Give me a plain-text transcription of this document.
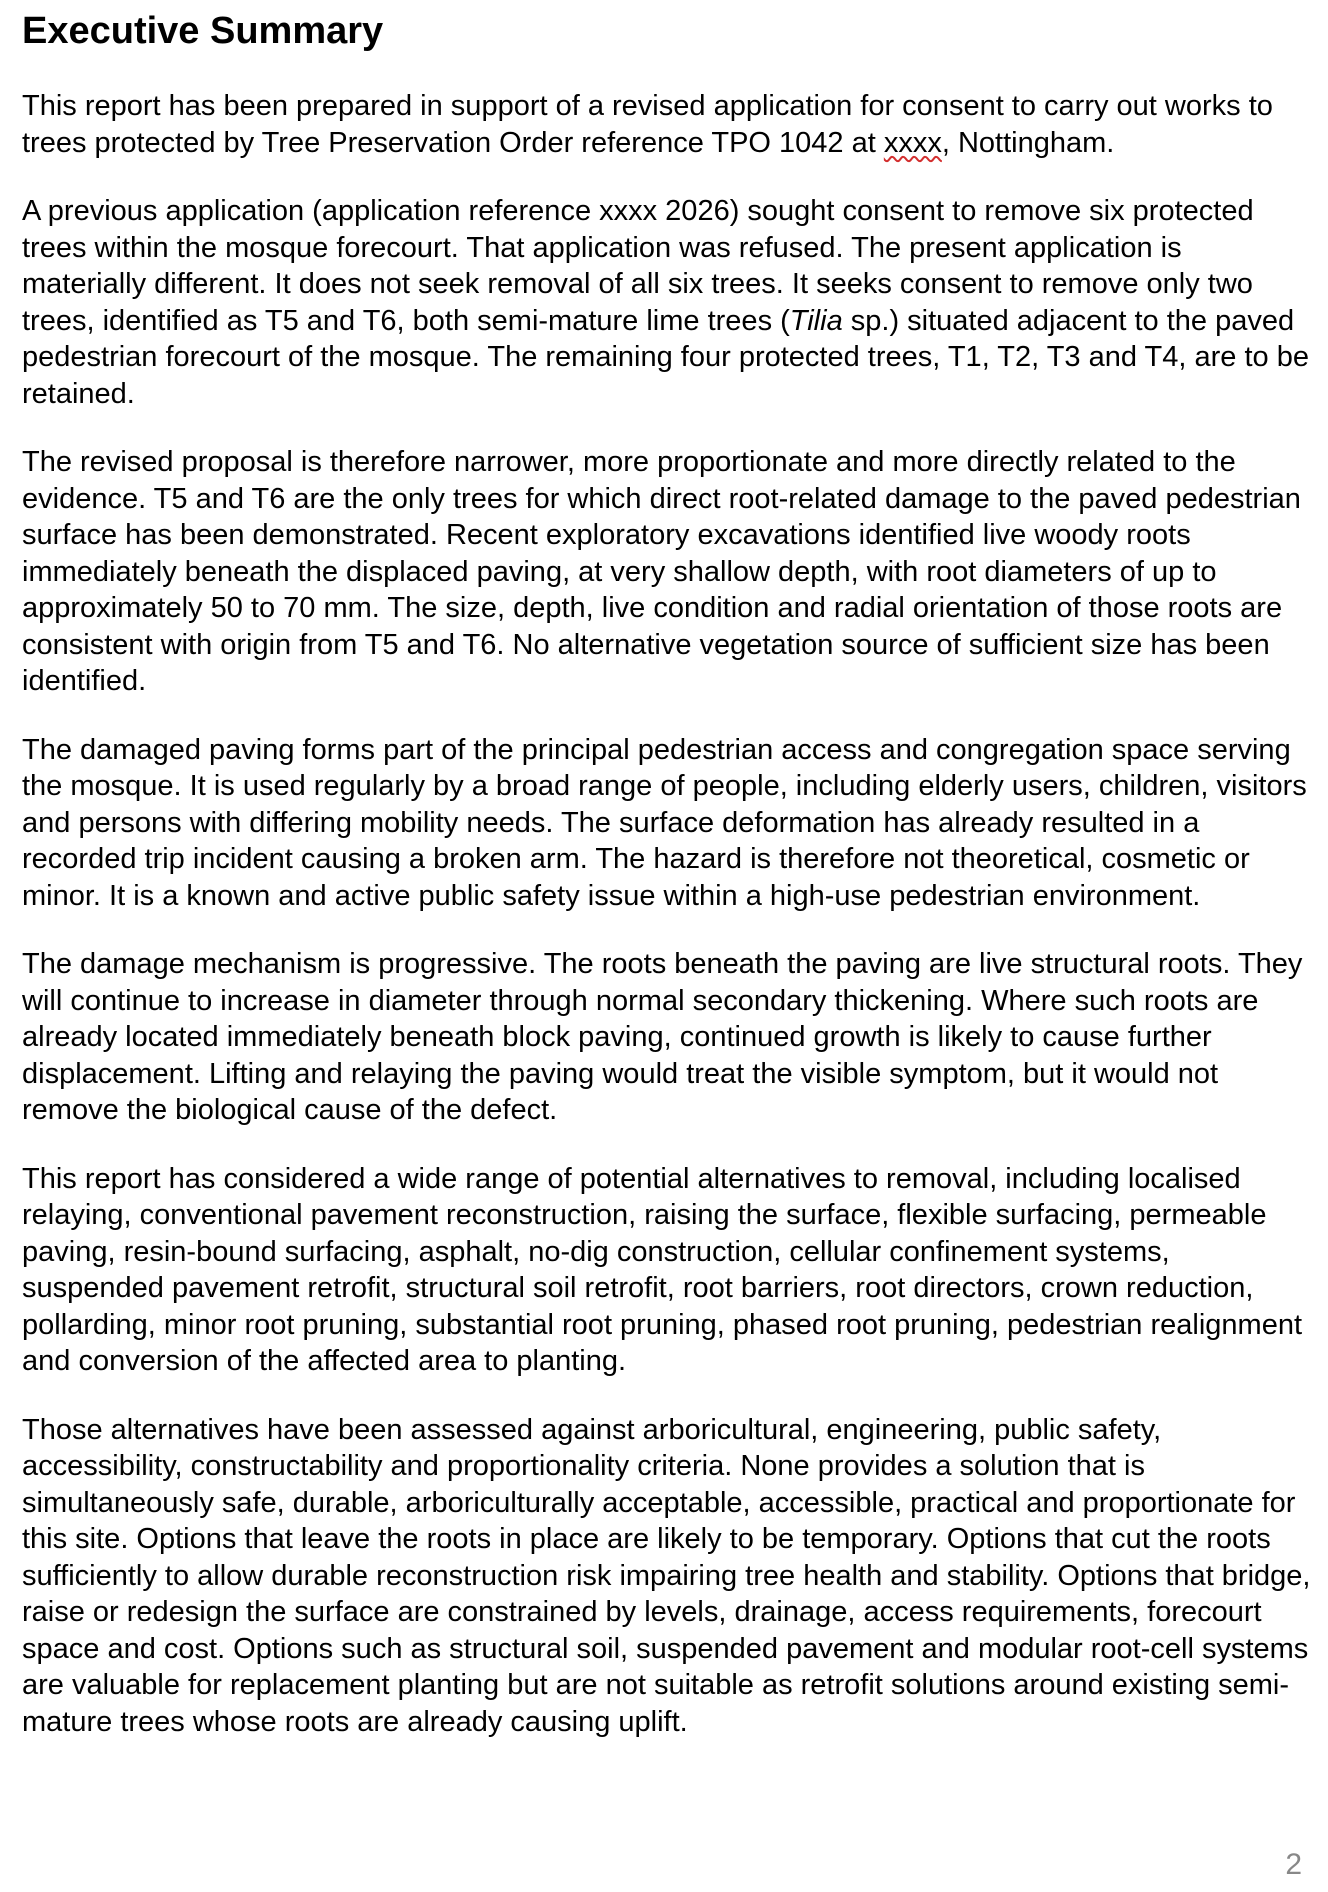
Executive Summary

This report has been prepared in support of a revised application for consent to carry out works to trees protected by Tree Preservation Order reference TPO 1042 at xxxx, Nottingham.

A previous application (application reference xxxx 2026) sought consent to remove six protected trees within the mosque forecourt. That application was refused. The present application is materially different. It does not seek removal of all six trees. It seeks consent to remove only two trees, identified as T5 and T6, both semi-mature lime trees (Tilia sp.) situated adjacent to the paved pedestrian forecourt of the mosque. The remaining four protected trees, T1, T2, T3 and T4, are to be retained.

The revised proposal is therefore narrower, more proportionate and more directly related to the evidence. T5 and T6 are the only trees for which direct root-related damage to the paved pedestrian surface has been demonstrated. Recent exploratory excavations identified live woody roots immediately beneath the displaced paving, at very shallow depth, with root diameters of up to approximately 50 to 70 mm. The size, depth, live condition and radial orientation of those roots are consistent with origin from T5 and T6. No alternative vegetation source of sufficient size has been identified.

The damaged paving forms part of the principal pedestrian access and congregation space serving the mosque. It is used regularly by a broad range of people, including elderly users, children, visitors and persons with differing mobility needs. The surface deformation has already resulted in a recorded trip incident causing a broken arm. The hazard is therefore not theoretical, cosmetic or minor. It is a known and active public safety issue within a high-use pedestrian environment.

The damage mechanism is progressive. The roots beneath the paving are live structural roots. They will continue to increase in diameter through normal secondary thickening. Where such roots are already located immediately beneath block paving, continued growth is likely to cause further displacement. Lifting and relaying the paving would treat the visible symptom, but it would not remove the biological cause of the defect.

This report has considered a wide range of potential alternatives to removal, including localised relaying, conventional pavement reconstruction, raising the surface, flexible surfacing, permeable paving, resin-bound surfacing, asphalt, no-dig construction, cellular confinement systems, suspended pavement retrofit, structural soil retrofit, root barriers, root directors, crown reduction, pollarding, minor root pruning, substantial root pruning, phased root pruning, pedestrian realignment and conversion of the affected area to planting.

Those alternatives have been assessed against arboricultural, engineering, public safety, accessibility, constructability and proportionality criteria. None provides a solution that is simultaneously safe, durable, arboriculturally acceptable, accessible, practical and proportionate for this site. Options that leave the roots in place are likely to be temporary. Options that cut the roots sufficiently to allow durable reconstruction risk impairing tree health and stability. Options that bridge, raise or redesign the surface are constrained by levels, drainage, access requirements, forecourt space and cost. Options such as structural soil, suspended pavement and modular root-cell systems are valuable for replacement planting but are not suitable as retrofit solutions around existing semi-mature trees whose roots are already causing uplift.

2
